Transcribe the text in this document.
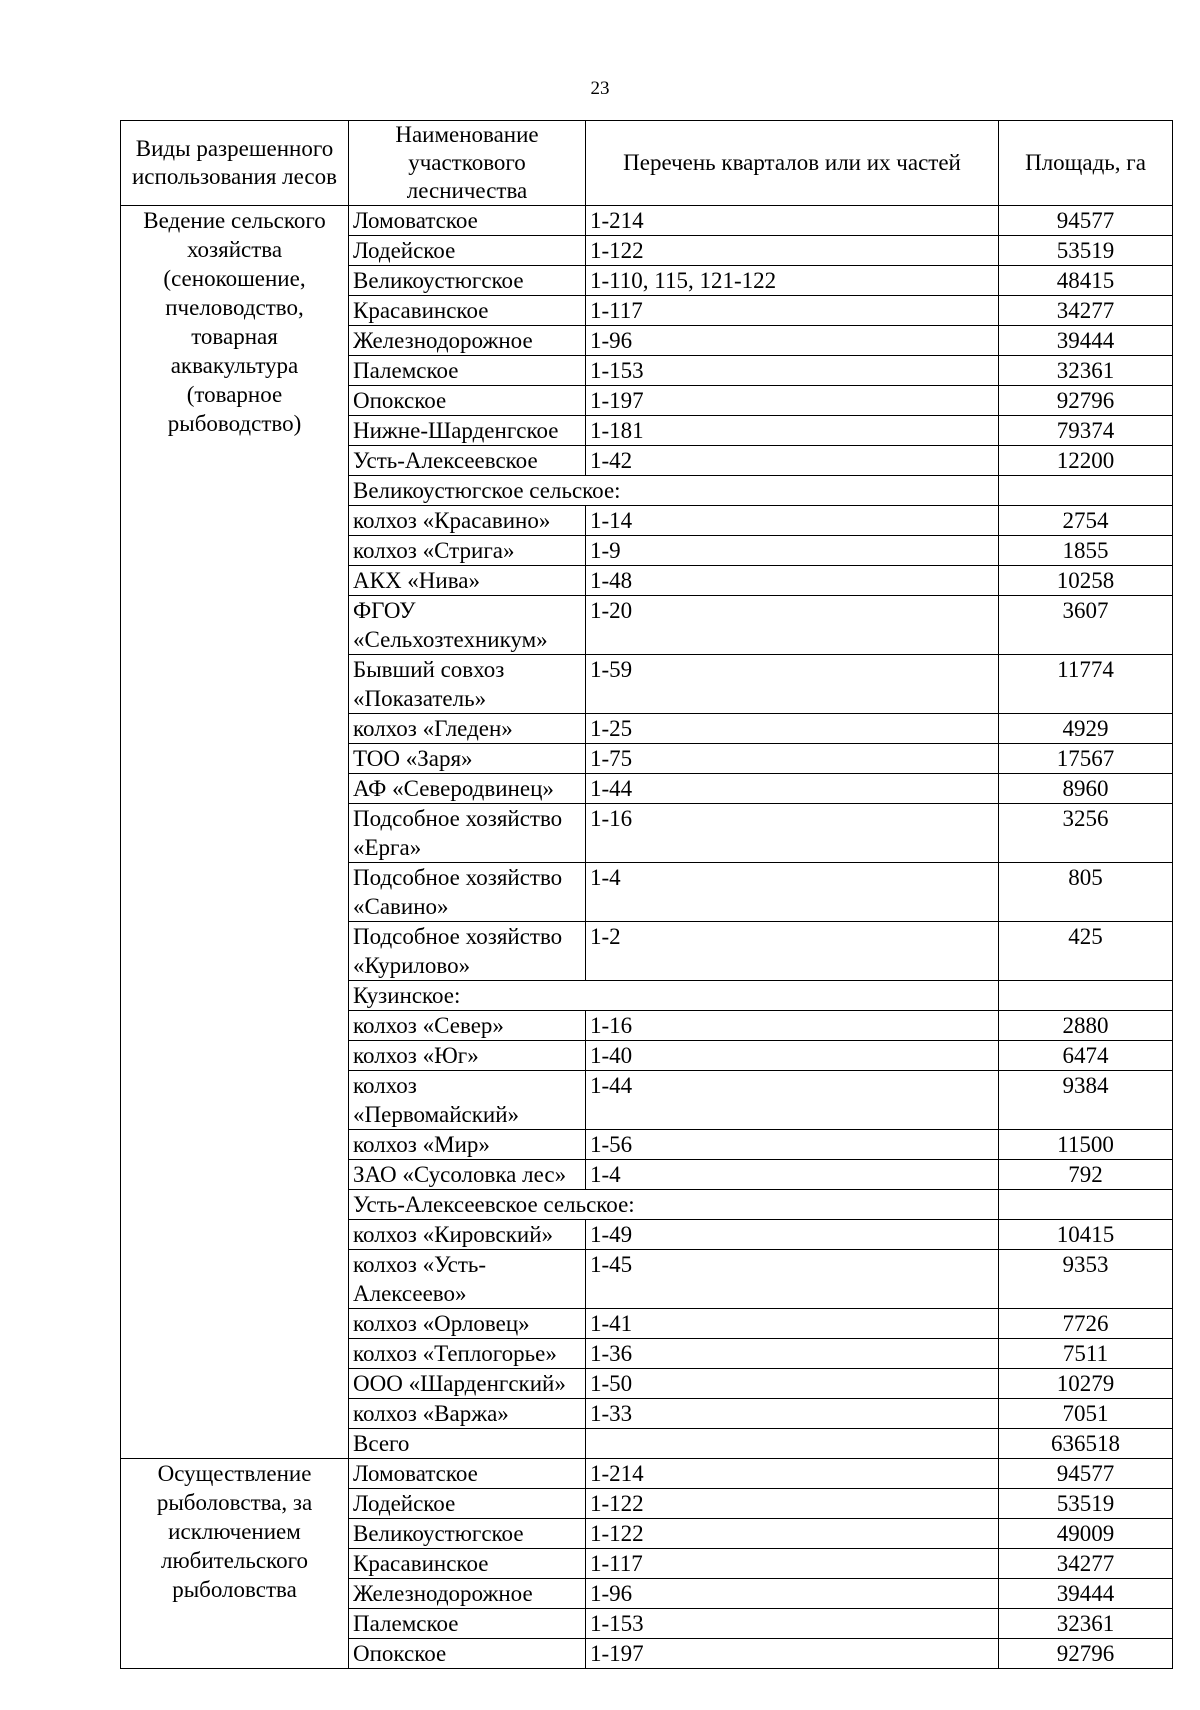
23
Виды разрешенного использования лесов	Наименование участкового лесничества	Перечень кварталов или их частей	Площадь, га
Ведение сельского хозяйства (сенокошение, пчеловодство, товарная аквакультура (товарное рыбоводство)	Ломоватское	1-214	94577
	Лодейское	1-122	53519
	Великоустюгское	1-110, 115, 121-122	48415
	Красавинское	1-117	34277
	Железнодорожное	1-96	39444
	Палемское	1-153	32361
	Опокское	1-197	92796
	Нижне-Шарденгское	1-181	79374
	Усть-Алексеевское	1-42	12200
	Великоустюгское сельское:		
	колхоз «Красавино»	1-14	2754
	колхоз «Стрига»	1-9	1855
	АКХ «Нива»	1-48	10258
	ФГОУ «Сельхозтехникум»	1-20	3607
	Бывший совхоз «Показатель»	1-59	11774
	колхоз «Гледен»	1-25	4929
	ТОО «Заря»	1-75	17567
	АФ «Северодвинец»	1-44	8960
	Подсобное хозяйство «Ерга»	1-16	3256
	Подсобное хозяйство «Савино»	1-4	805
	Подсобное хозяйство «Курилово»	1-2	425
	Кузинское:		
	колхоз «Север»	1-16	2880
	колхоз «Юг»	1-40	6474
	колхоз «Первомайский»	1-44	9384
	колхоз «Мир»	1-56	11500
	ЗАО «Сусоловка лес»	1-4	792
	Усть-Алексеевское сельское:		
	колхоз «Кировский»	1-49	10415
	колхоз «Усть-Алексеево»	1-45	9353
	колхоз «Орловец»	1-41	7726
	колхоз «Теплогорье»	1-36	7511
	ООО «Шарденгский»	1-50	10279
	колхоз «Варжа»	1-33	7051
	Всего		636518
Осуществление рыболовства, за исключением любительского рыболовства	Ломоватское	1-214	94577
	Лодейское	1-122	53519
	Великоустюгское	1-122	49009
	Красавинское	1-117	34277
	Железнодорожное	1-96	39444
	Палемское	1-153	32361
	Опокское	1-197	92796
